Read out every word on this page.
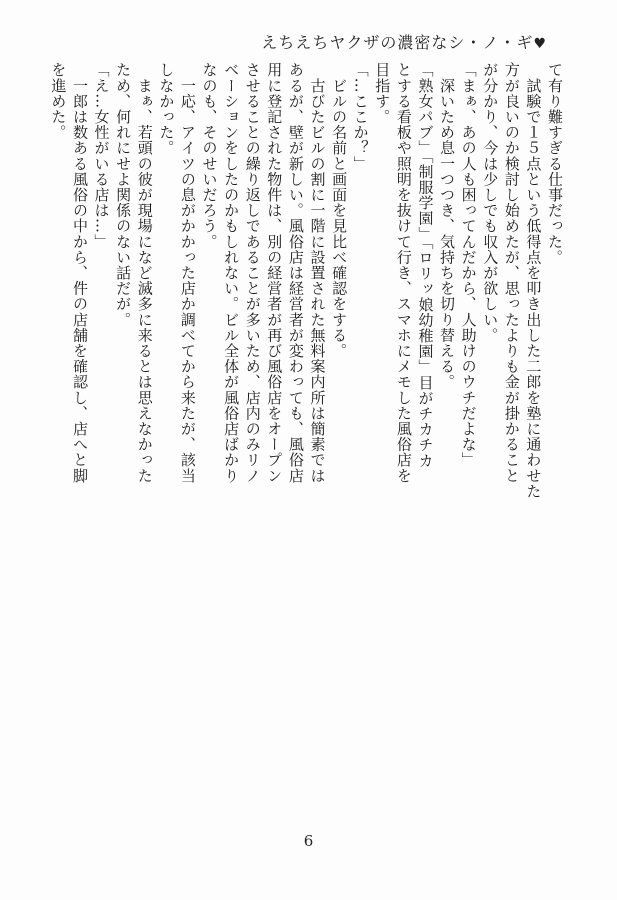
えちえちヤクザの濃密なシ・ノ・ギ♥
て有り難すぎる仕事だった。
　試験で１５点という低得点を叩き出した二郎を塾に通わせた
方が良いのか検討し始めたが、思ったよりも金が掛かること
が分かり、今は少しでも収入が欲しい。
「まぁ、あの人も困ってんだから、人助けのウチだよな」
　深いため息一つつき、気持ちを切り替える。
「熟女パブ」「制服学園」「ロリッ娘幼稚園」目がチカチカ
とする看板や照明を抜けて行き、スマホにメモした風俗店を
目指す。
「…ここか？」
　ビルの名前と画面を見比べ確認をする。
　古びたビルの割に一階に設置された無料案内所は簡素では
あるが、壁が新しい。風俗店は経営者が変わっても、風俗店
用に登記された物件は、別の経営者が再び風俗店をオープン
させることの繰り返しであることが多いため、店内のみリノ
ベーションをしたのかもしれない。ビル全体が風俗店ばかり
なのも、そのせいだろう。
　一応、アイツの息がかかった店か調べてから来たが、該当
しなかった。
　まぁ、若頭の彼が現場になど滅多に来るとは思えなかった
ため、何れにせよ関係のない話だが。
「え…女性がいる店は…」
　一郎は数ある風俗の中から、件の店舗を確認し、店へと脚
を進めた。
6
